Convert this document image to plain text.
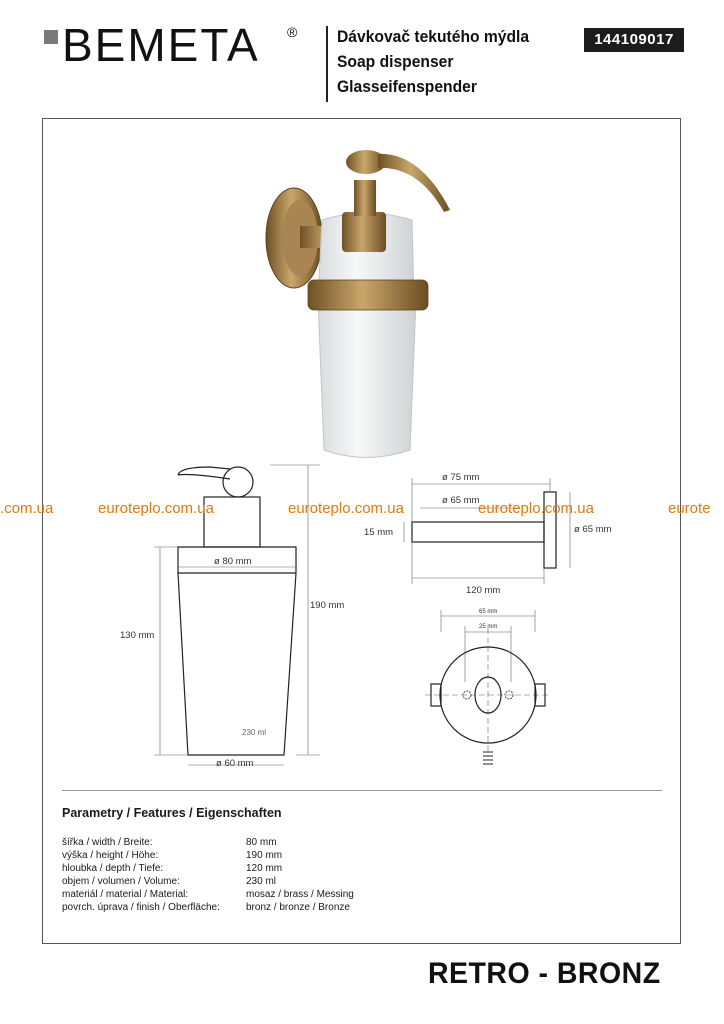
BEMETA ® Dávkovač tekutého mýdla
Soap dispenser
Glasseifenspender
144109017
ø 80 mm
130 mm
190 mm
230 ml
ø 60 mm
ø 75 mm
ø 65 mm
15 mm	ø 65 mm
120 mm
65 mm
25 mm
.com.ua	euroteplo.com.ua	euroteplo.com.ua	euroteplo.com.ua	eurote
Parametry / Features / Eigenschaften
šířka / width / Breite:	80 mm
výška / height / Höhe:	190 mm
hloubka / depth / Tiefe:	120 mm
objem / volumen / Volume:	230 ml
materiál / material / Material:	mosaz / brass / Messing
povrch. úprava / finish / Oberfläche:	bronz / bronze / Bronze
RETRO - BRONZ
